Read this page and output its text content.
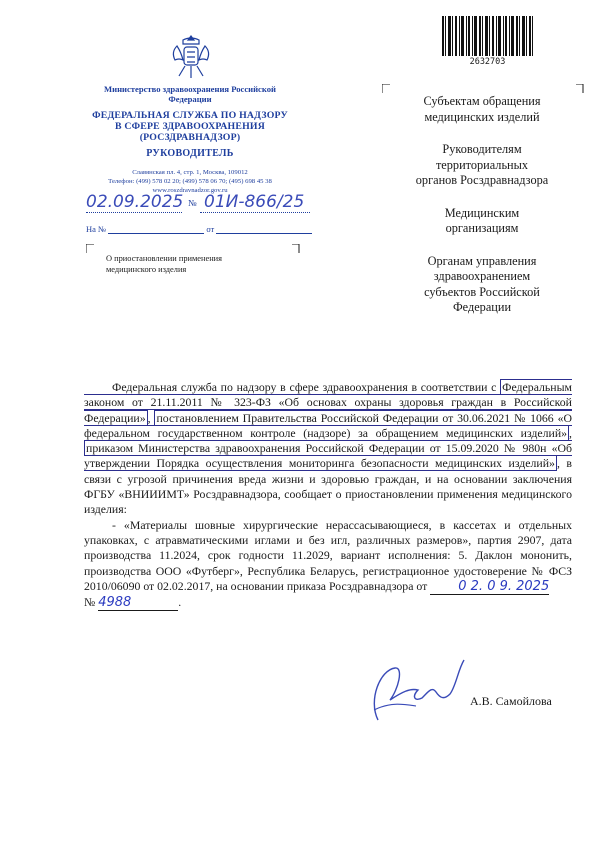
Министерство здравоохранения Российской Федерации
ФЕДЕРАЛЬНАЯ СЛУЖБА ПО НАДЗОРУ
В СФЕРЕ ЗДРАВООХРАНЕНИЯ
(РОСЗДРАВНАДЗОР)
РУКОВОДИТЕЛЬ
Славянская пл. 4, стр. 1, Москва, 109012
Телефон: (499) 578 02 20; (499) 578 06 70; (495) 698 45 38
www.roszdravnadzor.gov.ru
02.09.2025 № 01И-866/25
На №	от
О приостановлении применения
медицинского изделия
2632703
Субъектам обращения
медицинских изделий
Руководителям
территориальных
органов Росздравнадзора
Медицинским
организациям
Органам управления
здравоохранением
субъектов Российской
Федерации

Федеральная служба по надзору в сфере здравоохранения в соответствии с Федеральным законом от 21.11.2011 № 323-ФЗ «Об основах охраны здоровья граждан в Российской Федерации» , постановлением Правительства Российской Федерации от 30.06.2021 № 1066 «О федеральном государственном контроле (надзоре) за обращением медицинских изделий» , приказом Министерства здравоохранения Российской Федерации от 15.09.2020 № 980н «Об утверждении Порядка осуществления мониторинга безопасности медицинских изделий» , в связи с угрозой причинения вреда жизни и здоровью граждан, и на основании заключения ФГБУ «ВНИИИМТ» Росздравнадзора, сообщает о приостановлении применения медицинского изделия:

- «Материалы шовные хирургические нерассасывающиеся, в кассетах и отдельных упаковках, с атравматическими иглами и без игл, различных размеров», партия 2907, дата производства 11.2024, срок годности 11.2029, вариант исполнения: 5. Даклон мононить, производства ООО «Футберг», Республика Беларусь, регистрационное удостоверение № ФСЗ 2010/06090 от 02.02.2017, на основании приказа Росздравнадзора от 0 2. 0 9. 2025

№ 4988	.

А.В. Самойлова
